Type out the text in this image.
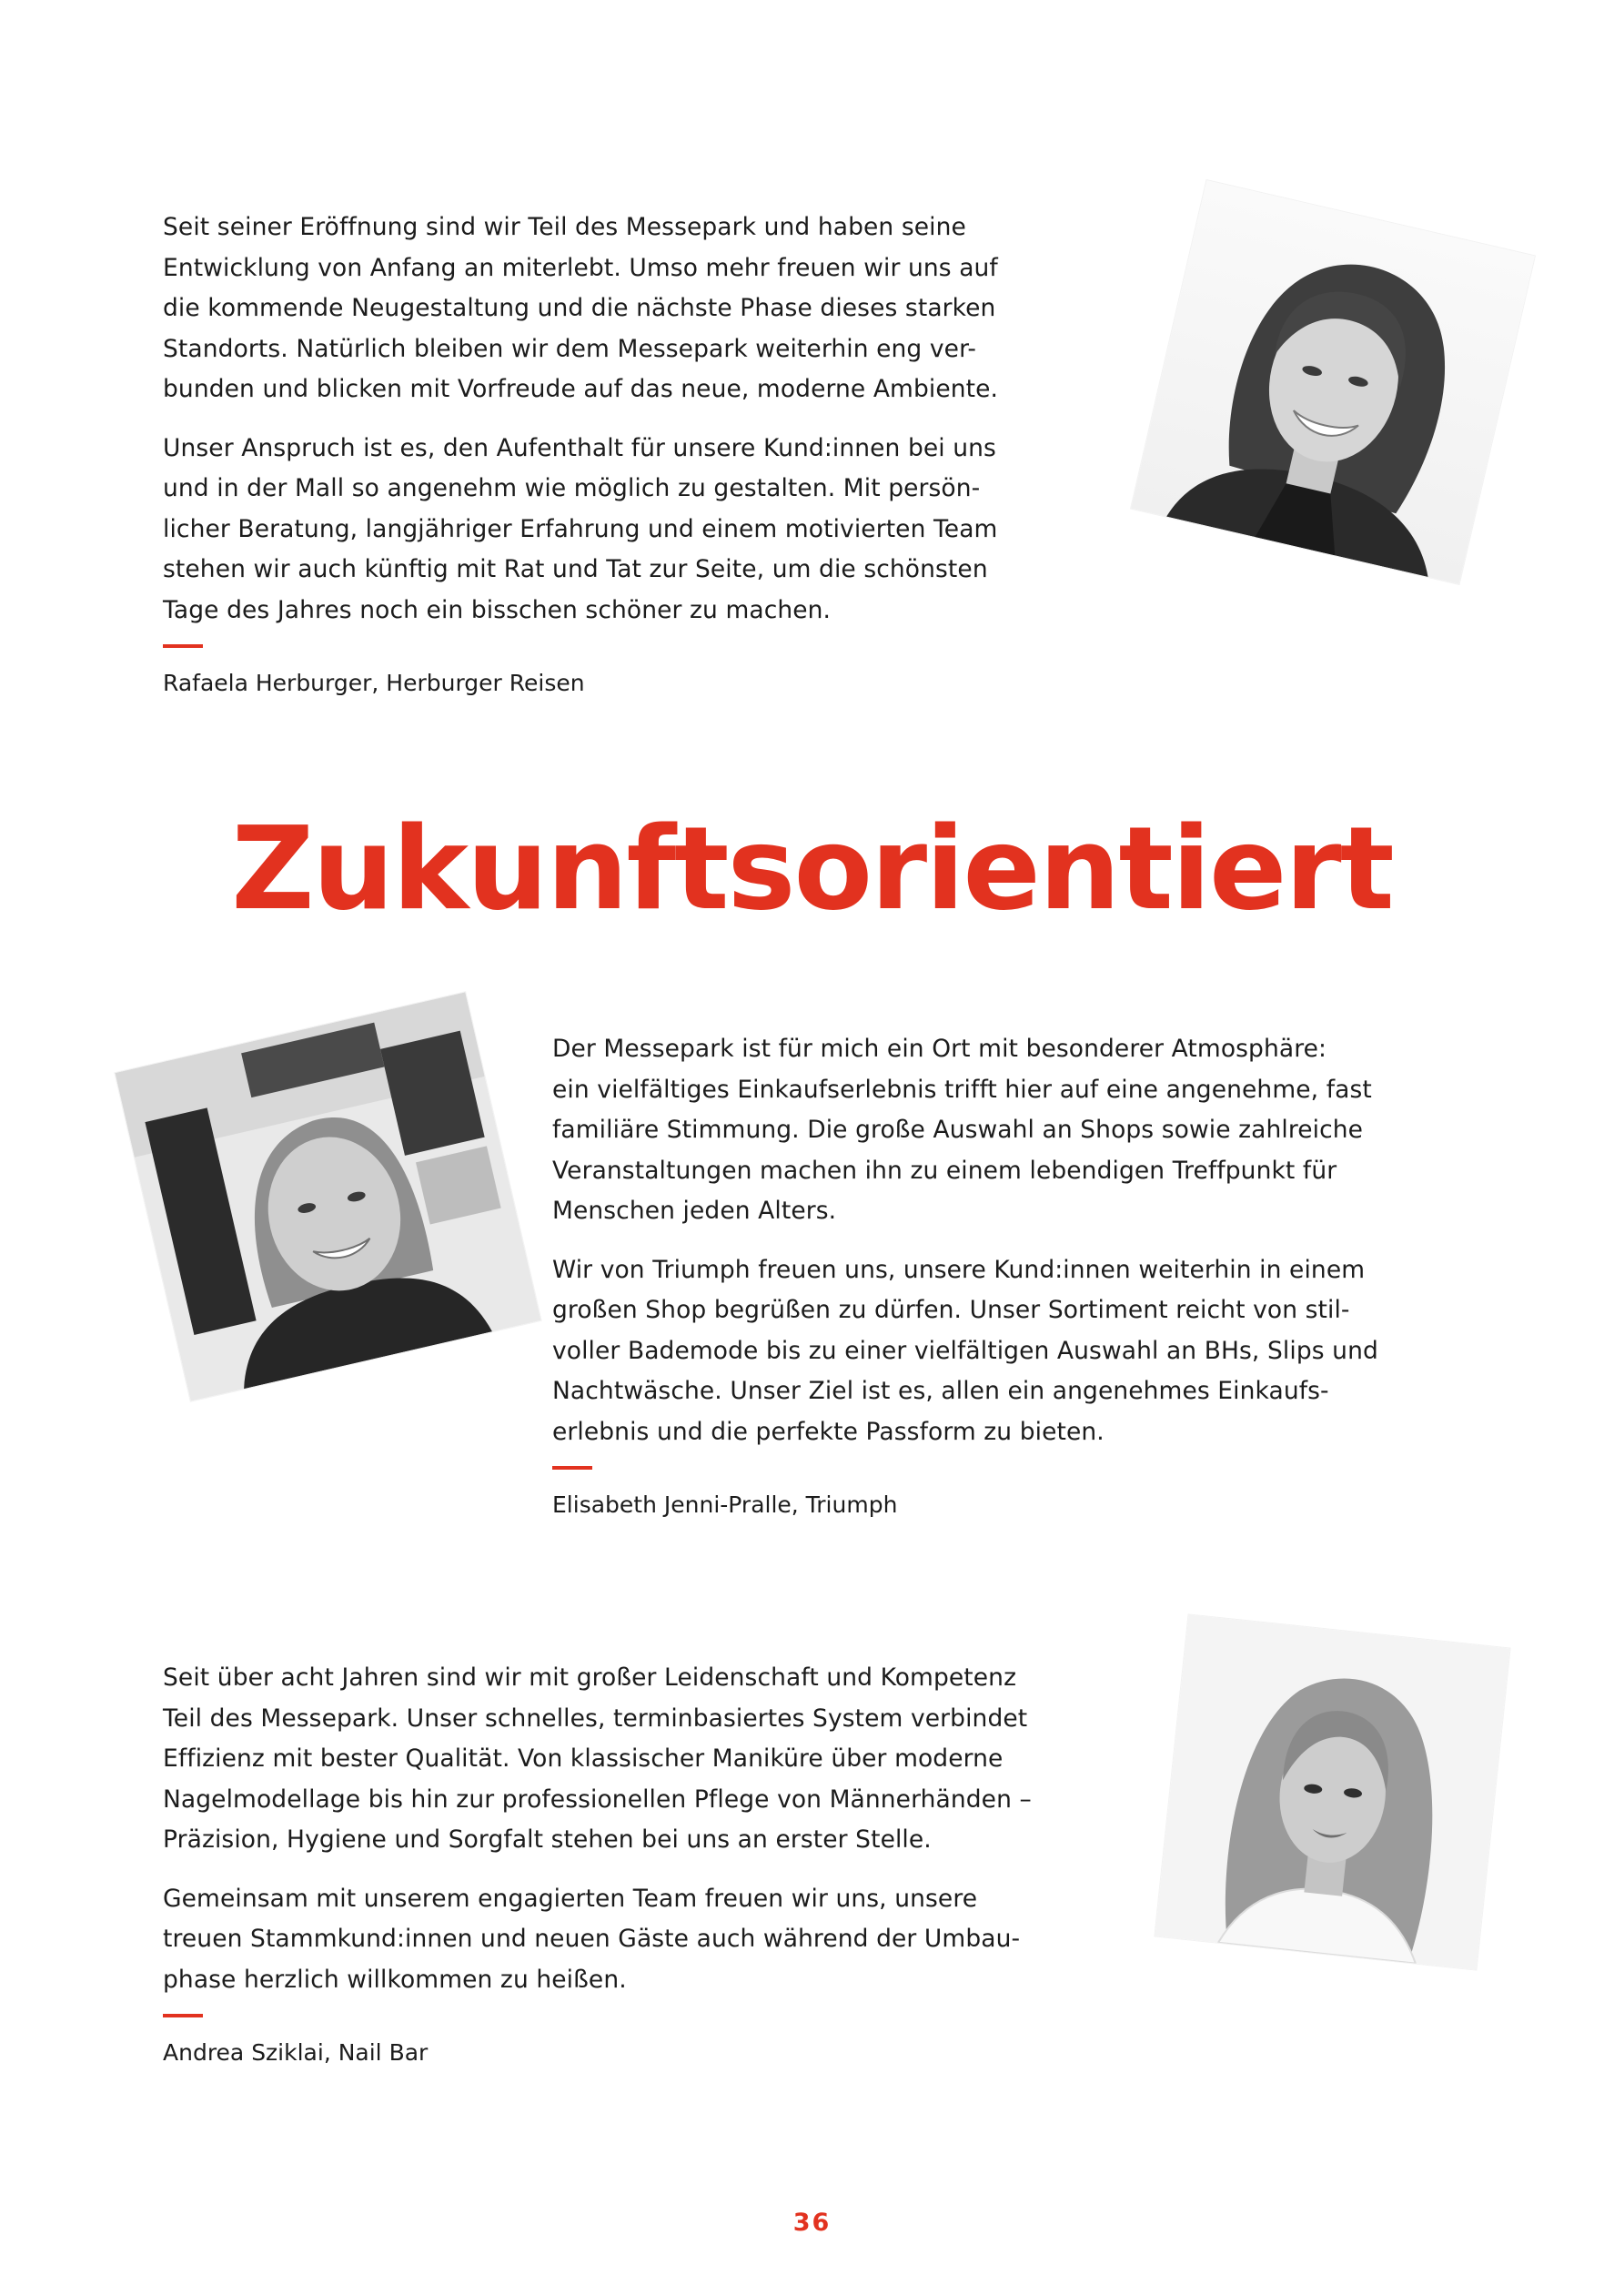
Seit seiner Eröffnung sind wir Teil des Messepark und haben seine
Entwicklung von Anfang an miterlebt. Umso mehr freuen wir uns auf
die kommende Neugestaltung und die nächste Phase dieses starken
Standorts. Natürlich bleiben wir dem Messepark weiterhin eng ver-
bunden und blicken mit Vorfreude auf das neue, moderne Ambiente.

Unser Anspruch ist es, den Aufenthalt für unsere Kund:innen bei uns
und in der Mall so angenehm wie möglich zu gestalten. Mit persön-
licher Beratung, langjähriger Erfahrung und einem motivierten Team
stehen wir auch künftig mit Rat und Tat zur Seite, um die schönsten
Tage des Jahres noch ein bisschen schöner zu machen.

Rafaela Herburger, Herburger Reisen
Zukunftsorientiert

Der Messepark ist für mich ein Ort mit besonderer Atmosphäre:
ein vielfältiges Einkaufserlebnis trifft hier auf eine angenehme, fast
familiäre Stimmung. Die große Auswahl an Shops sowie zahlreiche
Veranstaltungen machen ihn zu einem lebendigen Treffpunkt für
Menschen jeden Alters.

Wir von Triumph freuen uns, unsere Kund:innen weiterhin in einem
großen Shop begrüßen zu dürfen. Unser Sortiment reicht von stil-
voller Bademode bis zu einer vielfältigen Auswahl an BHs, Slips und
Nachtwäsche. Unser Ziel ist es, allen ein angenehmes Einkaufs-
erlebnis und die perfekte Passform zu bieten.

Elisabeth Jenni-Pralle, Triumph

Seit über acht Jahren sind wir mit großer Leidenschaft und Kompetenz
Teil des Messepark. Unser schnelles, terminbasiertes System verbindet
Effizienz mit bester Qualität. Von klassischer Maniküre über moderne
Nagelmodellage bis hin zur professionellen Pflege von Männerhänden –
Präzision, Hygiene und Sorgfalt stehen bei uns an erster Stelle.

Gemeinsam mit unserem engagierten Team freuen wir uns, unsere
treuen Stammkund:innen und neuen Gäste auch während der Umbau-
phase herzlich willkommen zu heißen.

Andrea Sziklai, Nail Bar
36
